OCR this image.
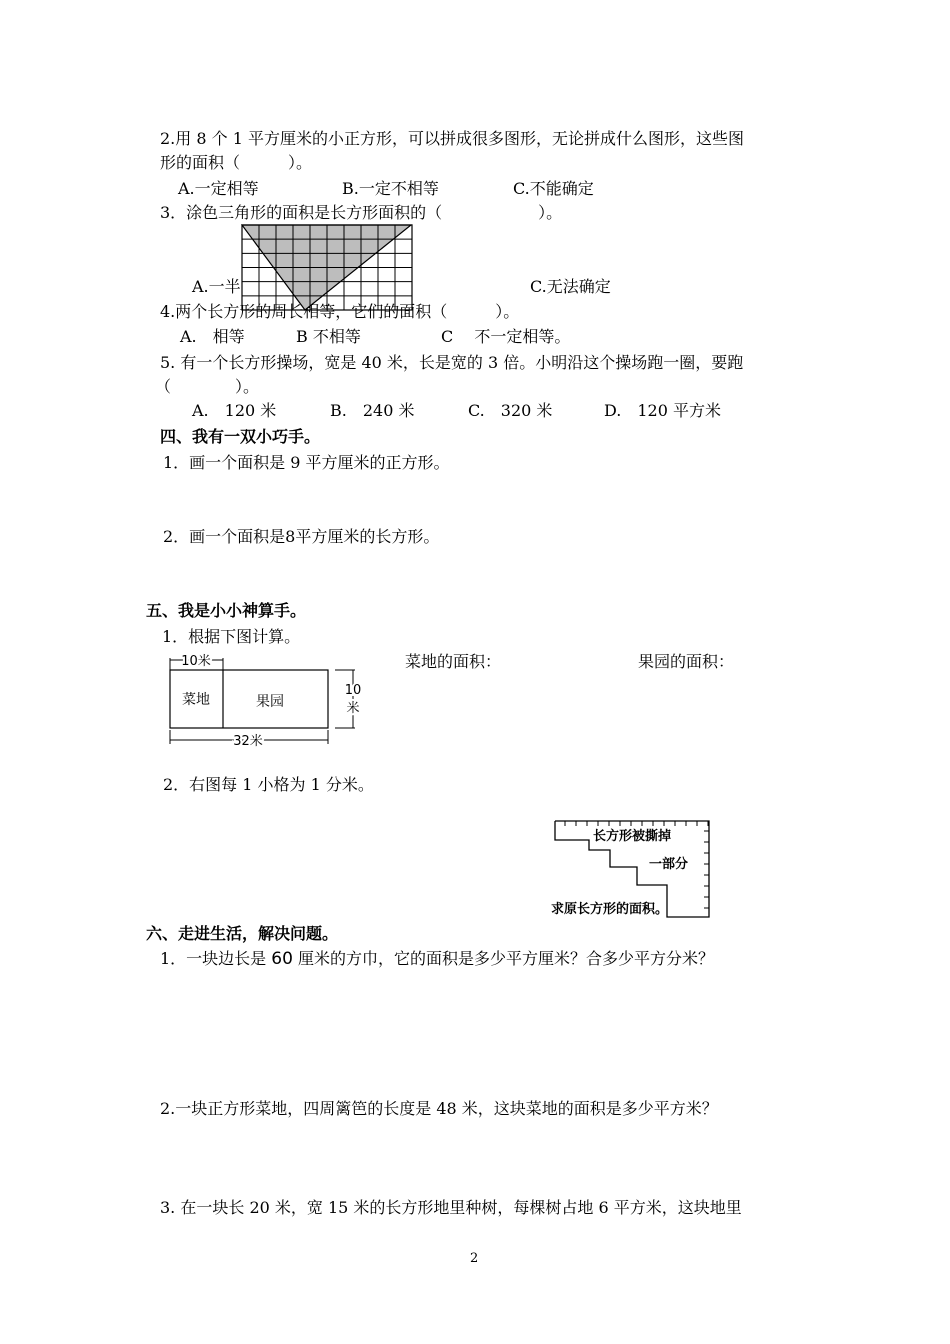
2.用 8 个 1 平方厘米的小正方形，可以拼成很多图形，无论拼成什么图形，这些图
形的面积（　　　）。
A.一定相等	B.一定不相等	C.不能确定
3．涂色三角形的面积是长方形面积的（　　　　　　）。
A.一半	C.无法确定
4.两个长方形的周长相等，它们的面积（　　　）。
A.　相等	B 不相等	C　 不一定相等。
5. 有一个长方形操场，宽是 40 米，长是宽的 3 倍。小明沿这个操场跑一圈，要跑
（　　　　）。
A.　120 米	B.　240 米	C.　320 米	D.　120 平方米
四、我有一双小巧手。
1．画一个面积是 9 平方厘米的正方形。
2．画一个面积是8平方厘米的长方形。
五、我是小小神算手。
1．根据下图计算。
菜地的面积：	果园的面积：
10米
菜地	果园
10
米
32米
2．右图每 1 小格为 1 分米。
长方形被撕掉
一部分
求原长方形的面积。
六、走进生活，解决问题。
1．一块边长是 60 厘米的方巾，它的面积是多少平方厘米？合多少平方分米？
2.一块正方形菜地，四周篱笆的长度是 48 米，这块菜地的面积是多少平方米？
3. 在一块长 20 米，宽 15 米的长方形地里种树，每棵树占地 6 平方米，这块地里
2
